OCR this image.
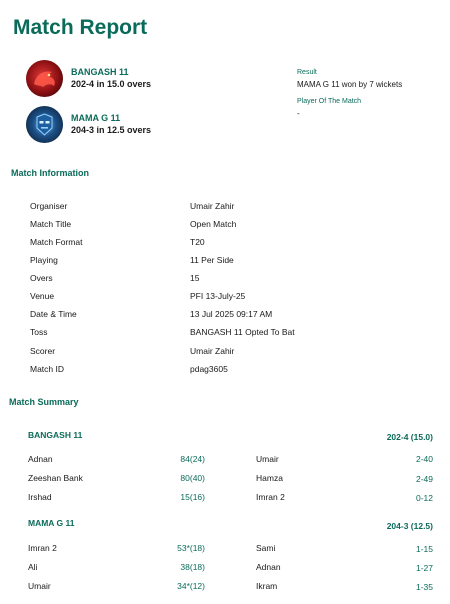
Match Report
BANGASH 11
202-4 in 15.0 overs
MAMA G 11
204-3 in 12.5 overs
Result
MAMA G 11 won by 7 wickets
Player Of The Match
-
Match Information
Organiser	Umair Zahir
Match Title	Open Match
Match Format	T20
Playing	11 Per Side
Overs	15
Venue	PFI 13-July-25
Date & Time	13 Jul 2025 09:17 AM
Toss	BANGASH 11 Opted To Bat
Scorer	Umair Zahir
Match ID	pdag3605
Match Summary
BANGASH 11	202-4 (15.0)
Adnan	84(24)	Umair	2-40
Zeeshan Bank	80(40)	Hamza	2-49
Irshad	15(16)	Imran 2	0-12
MAMA G 11	204-3 (12.5)
Imran 2	53*(18)	Sami	1-15
Ali	38(18)	Adnan	1-27
Umair	34*(12)	Ikram	1-35
